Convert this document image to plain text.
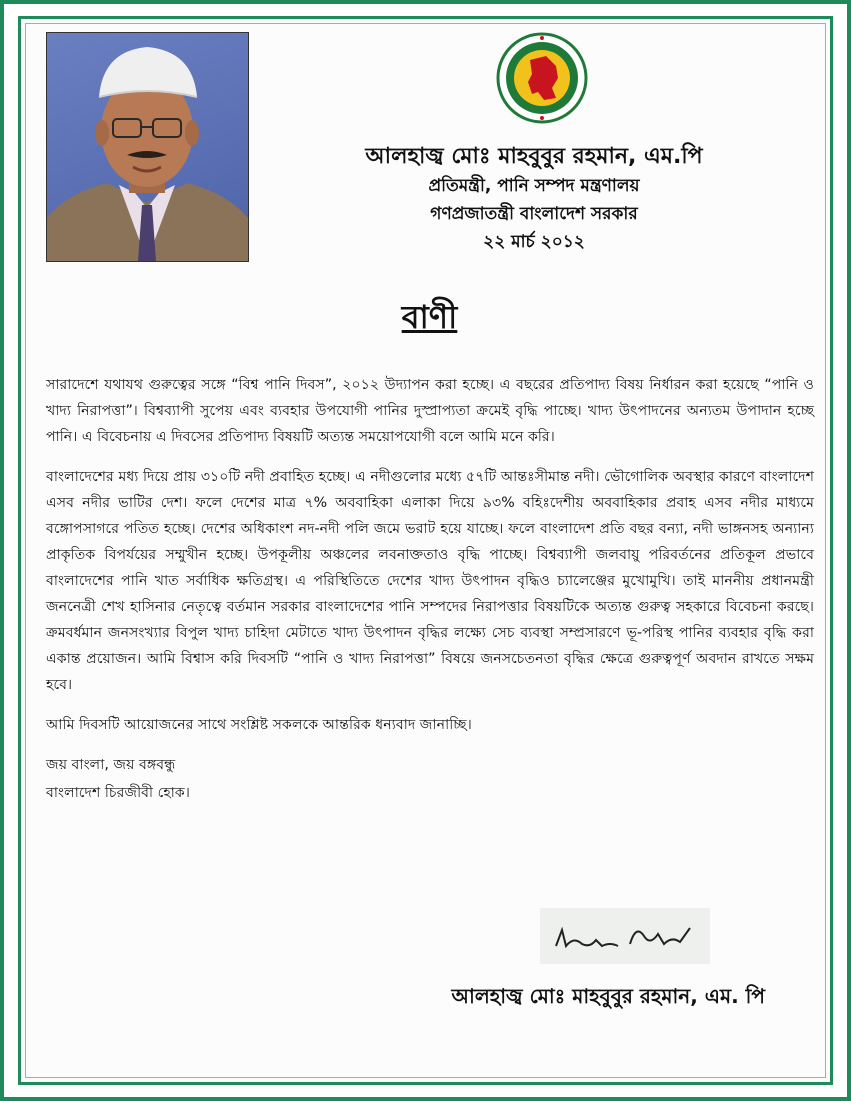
আলহাজ্ব মোঃ মাহবুবুর রহমান, এম.পি

প্রতিমন্ত্রী, পানি সম্পদ মন্ত্রণালয়

গণপ্রজাতন্ত্রী বাংলাদেশ সরকার

২২ মার্চ ২০১২

বাণী

সারাদেশে যথাযথ গুরুত্বের সঙ্গে “বিশ্ব পানি দিবস”, ২০১২ উদ্যাপন করা হচ্ছে। এ বছরের প্রতিপাদ্য বিষয় নির্ধারন করা হয়েছে “পানি ও খাদ্য নিরাপত্তা”। বিশ্বব্যাপী সুপেয় এবং ব্যবহার উপযোগী পানির দুস্প্রাপ্যতা ক্রমেই বৃদ্ধি পাচ্ছে। খাদ্য উৎপাদনের অন্যতম উপাদান হচ্ছে পানি। এ বিবেচনায় এ দিবসের প্রতিপাদ্য বিষয়টি অত্যন্ত সময়োপযোগী বলে আমি মনে করি।

বাংলাদেশের মধ্য দিয়ে প্রায় ৩১০টি নদী প্রবাহিত হচ্ছে। এ নদীগুলোর মধ্যে ৫৭টি আন্তঃসীমান্ত নদী। ভৌগোলিক অবস্থার কারণে বাংলাদেশ এসব নদীর ভাটির দেশ। ফলে দেশের মাত্র ৭% অববাহিকা এলাকা দিয়ে ৯৩% বহিঃদেশীয় অববাহিকার প্রবাহ এসব নদীর মাধ্যমে বঙ্গোপসাগরে পতিত হচ্ছে। দেশের অধিকাংশ নদ-নদী পলি জমে ভরাট হয়ে যাচ্ছে। ফলে বাংলাদেশ প্রতি বছর বন্যা, নদী ভাঙ্গনসহ অন্যান্য প্রাকৃতিক বিপর্যয়ের সম্মুখীন হচ্ছে। উপকূলীয় অঞ্চলের লবনাক্ততাও বৃদ্ধি পাচ্ছে। বিশ্বব্যাপী জলবায়ু পরিবর্তনের প্রতিকূল প্রভাবে বাংলাদেশের পানি খাত সর্বাধিক ক্ষতিগ্রস্থ। এ পরিস্থিতিতে দেশের খাদ্য উৎপাদন বৃদ্ধিও চ্যালেঞ্জের মুখোমুখি। তাই মাননীয় প্রধানমন্ত্রী জননেত্রী শেখ হাসিনার নেতৃত্বে বর্তমান সরকার বাংলাদেশের পানি সম্পদের নিরাপত্তার বিষয়টিকে অত্যন্ত গুরুত্ব সহকারে বিবেচনা করছে। ক্রমবর্ধমান জনসংখ্যার বিপুল খাদ্য চাহিদা মেটাতে খাদ্য উৎপাদন বৃদ্ধির লক্ষ্যে সেচ ব্যবস্থা সম্প্রসারণে ভূ-পরিস্থ পানির ব্যবহার বৃদ্ধি করা একান্ত প্রয়োজন। আমি বিশ্বাস করি দিবসটি “পানি ও খাদ্য নিরাপত্তা” বিষয়ে জনসচেতনতা বৃদ্ধির ক্ষেত্রে গুরুত্বপূর্ণ অবদান রাখতে সক্ষম হবে।

আমি দিবসটি আয়োজনের সাথে সংশ্লিষ্ট সকলকে আন্তরিক ধন্যবাদ জানাচ্ছি।

জয় বাংলা, জয় বঙ্গবন্ধু

বাংলাদেশ চিরজীবী হোক।

আলহাজ্ব মোঃ মাহবুবুর রহমান, এম. পি
